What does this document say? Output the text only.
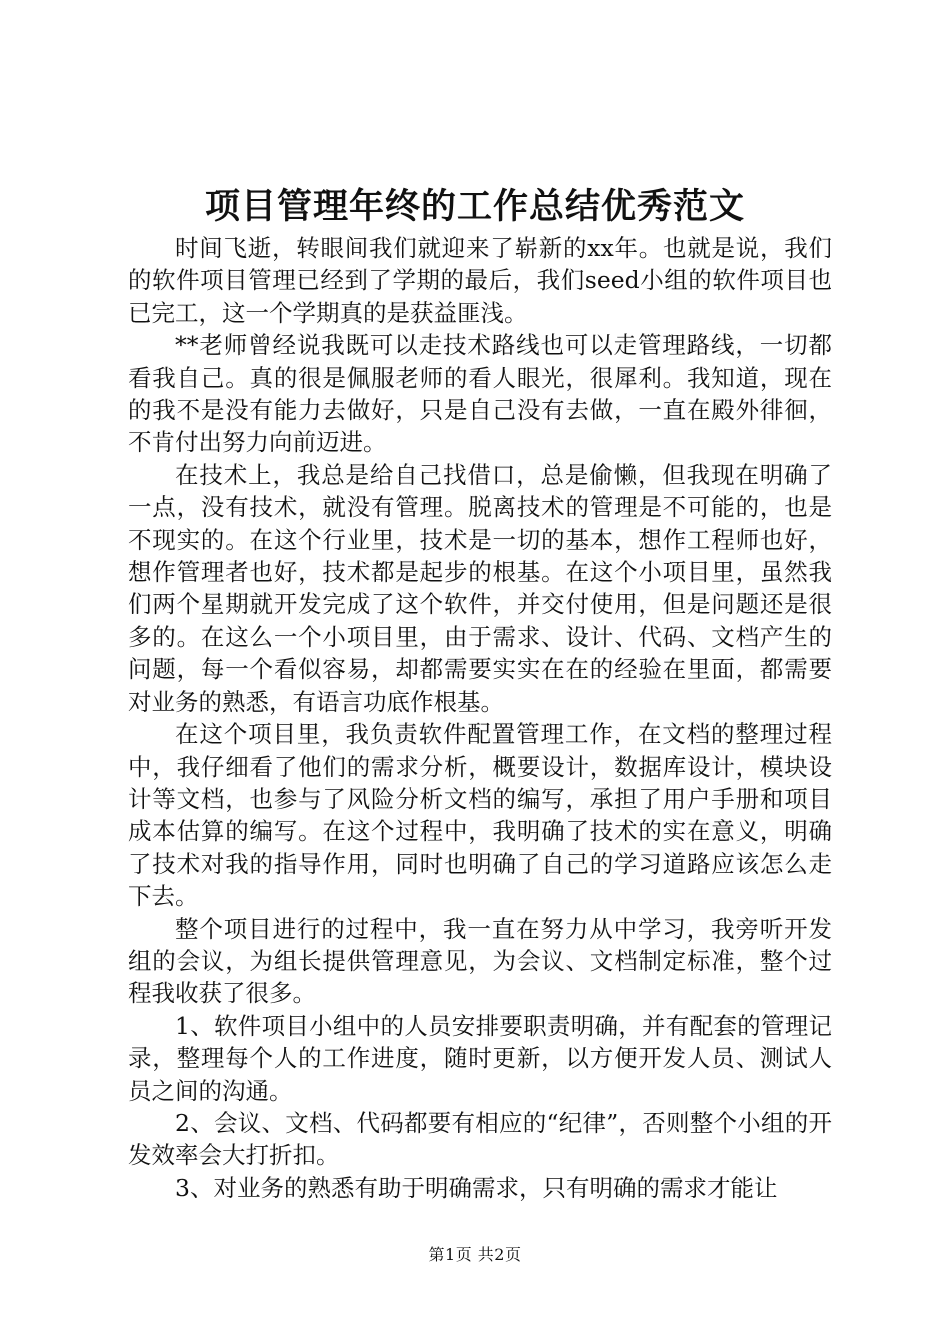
项目管理年终的工作总结优秀范文

时间飞逝，转眼间我们就迎来了崭新的xx年。也就是说，我们的软件项目管理已经到了学期的最后，我们seed小组的软件项目也已完工，这一个学期真的是获益匪浅。

**老师曾经说我既可以走技术路线也可以走管理路线，一切都看我自己。真的很是佩服老师的看人眼光，很犀利。我知道，现在的我不是没有能力去做好，只是自己没有去做，一直在殿外徘徊，不肯付出努力向前迈进。

在技术上，我总是给自己找借口，总是偷懒，但我现在明确了一点，没有技术，就没有管理。脱离技术的管理是不可能的，也是不现实的。在这个行业里，技术是一切的基本，想作工程师也好，想作管理者也好，技术都是起步的根基。在这个小项目里，虽然我们两个星期就开发完成了这个软件，并交付使用，但是问题还是很多的。在这么一个小项目里，由于需求、设计、代码、文档产生的问题，每一个看似容易，却都需要实实在在的经验在里面，都需要对业务的熟悉，有语言功底作根基。

在这个项目里，我负责软件配置管理工作，在文档的整理过程中，我仔细看了他们的需求分析，概要设计，数据库设计，模块设计等文档，也参与了风险分析文档的编写，承担了用户手册和项目成本估算的编写。在这个过程中，我明确了技术的实在意义，明确了技术对我的指导作用，同时也明确了自己的学习道路应该怎么走下去。

整个项目进行的过程中，我一直在努力从中学习，我旁听开发组的会议，为组长提供管理意见，为会议、文档制定标准，整个过程我收获了很多。

1、软件项目小组中的人员安排要职责明确，并有配套的管理记录，整理每个人的工作进度，随时更新，以方便开发人员、测试人员之间的沟通。

2、会议、文档、代码都要有相应的“纪律”，否则整个小组的开发效率会大打折扣。

3、对业务的熟悉有助于明确需求，只有明确的需求才能让

第1页 共2页
